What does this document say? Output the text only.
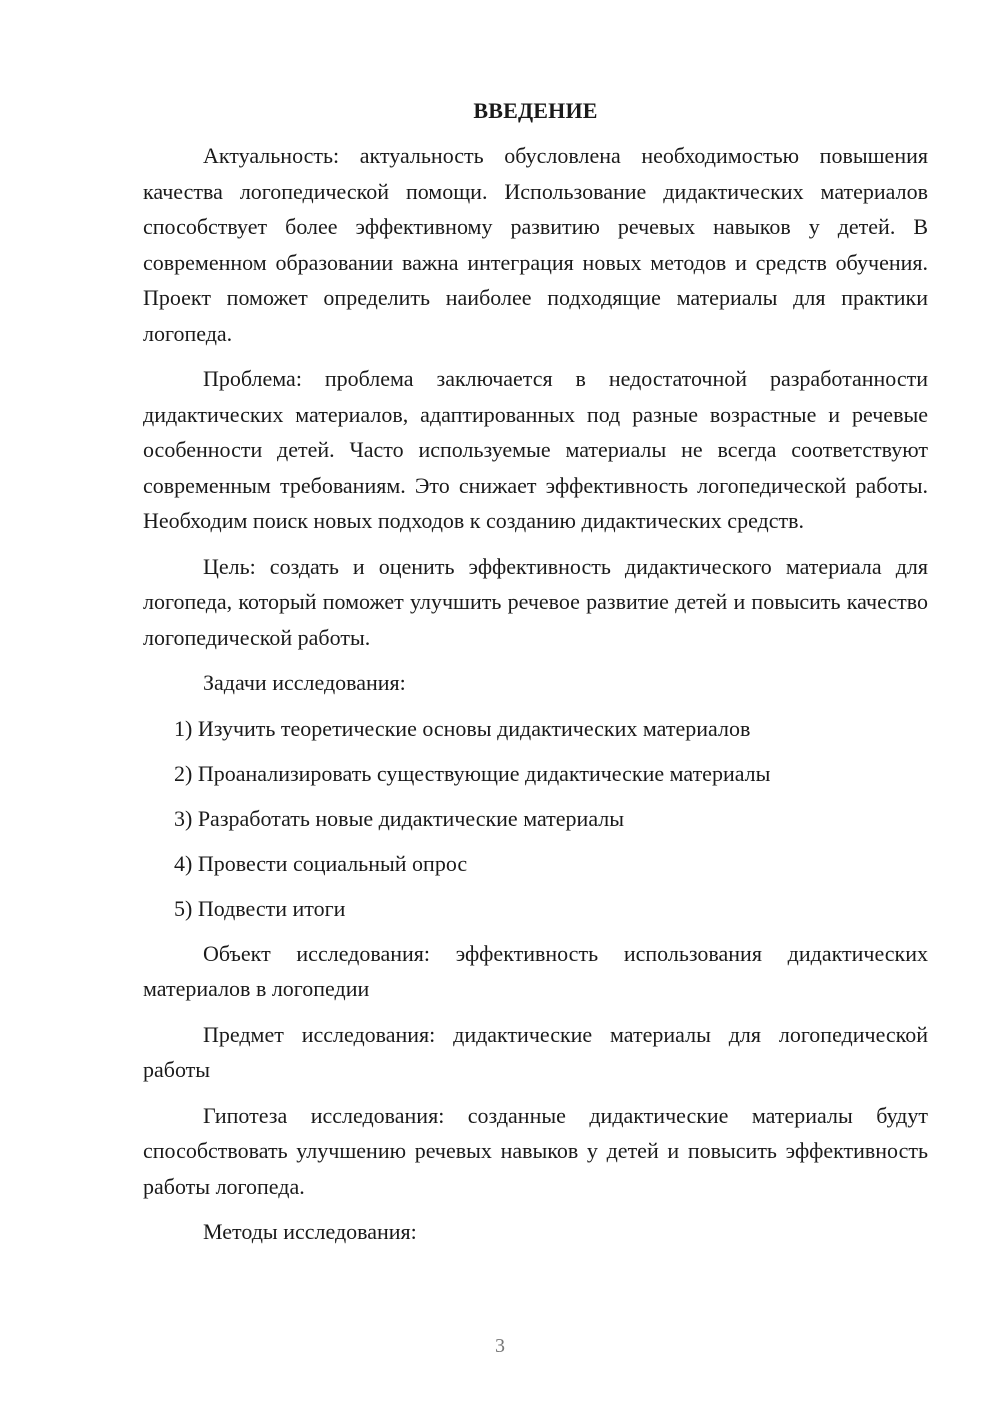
ВВЕДЕНИЕ

Актуальность: актуальность обусловлена необходимостью повышения качества логопедической помощи. Использование дидактических материалов способствует более эффективному развитию речевых навыков у детей. В современном образовании важна интеграция новых методов и средств обучения. Проект поможет определить наиболее подходящие материалы для практики логопеда.

Проблема: проблема заключается в недостаточной разработанности дидактических материалов, адаптированных под разные возрастные и речевые особенности детей. Часто используемые материалы не всегда соответствуют современным требованиям. Это снижает эффективность логопедической работы. Необходим поиск новых подходов к созданию дидактических средств.

Цель: создать и оценить эффективность дидактического материала для логопеда, который поможет улучшить речевое развитие детей и повысить качество логопедической работы.

Задачи исследования:

1) Изучить теоретические основы дидактических материалов
2) Проанализировать существующие дидактические материалы
3) Разработать новые дидактические материалы
4) Провести социальный опрос
5) Подвести итоги

Объект исследования: эффективность использования дидактических материалов в логопедии

Предмет исследования: дидактические материалы для логопедической работы

Гипотеза исследования: созданные дидактические материалы будут способствовать улучшению речевых навыков у детей и повысить эффективность работы логопеда.

Методы исследования:

3
